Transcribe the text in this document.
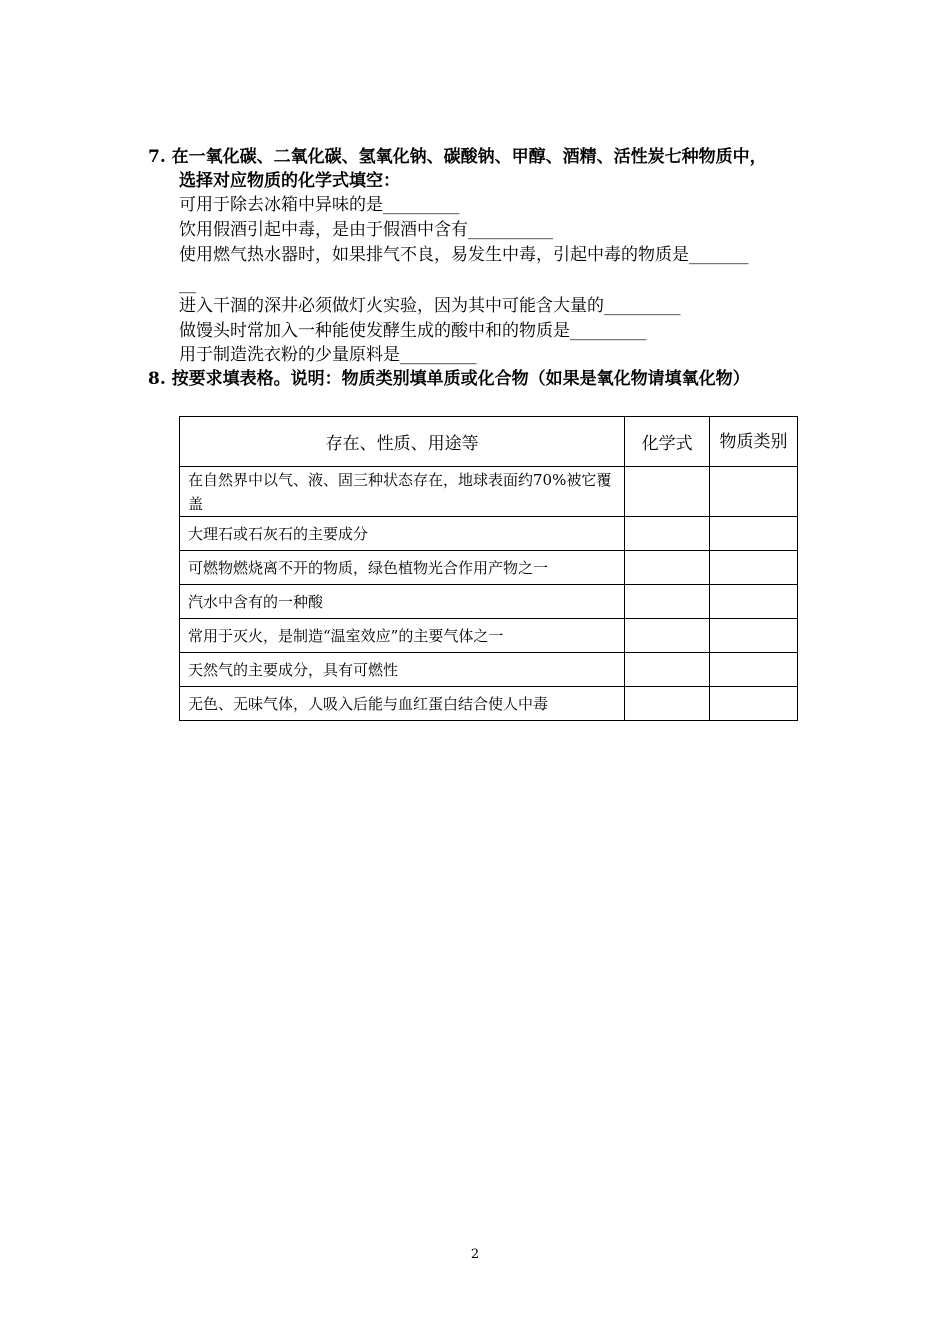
7. 在一氧化碳、二氧化碳、氢氧化钠、碳酸钠、甲醇、酒精、活性炭七种物质中，
选择对应物质的化学式填空：
可用于除去冰箱中异味的是_________
饮用假酒引起中毒，是由于假酒中含有__________
使用燃气热水器时，如果排气不良，易发生中毒，引起中毒的物质是_______
__
进入干涸的深井必须做灯火实验，因为其中可能含大量的_________
做馒头时常加入一种能使发酵生成的酸中和的物质是_________
用于制造洗衣粉的少量原料是_________
8. 按要求填表格。说明：物质类别填单质或化合物（如果是氧化物请填氧化物）
存在、性质、用途等	化学式	物质类别
在自然界中以气、液、固三种状态存在，地球表面约70%被它覆盖		
大理石或石灰石的主要成分		
可燃物燃烧离不开的物质，绿色植物光合作用产物之一		
汽水中含有的一种酸		
常用于灭火，是制造“温室效应”的主要气体之一		
天然气的主要成分，具有可燃性		
无色、无味气体，人吸入后能与血红蛋白结合使人中毒		
2
